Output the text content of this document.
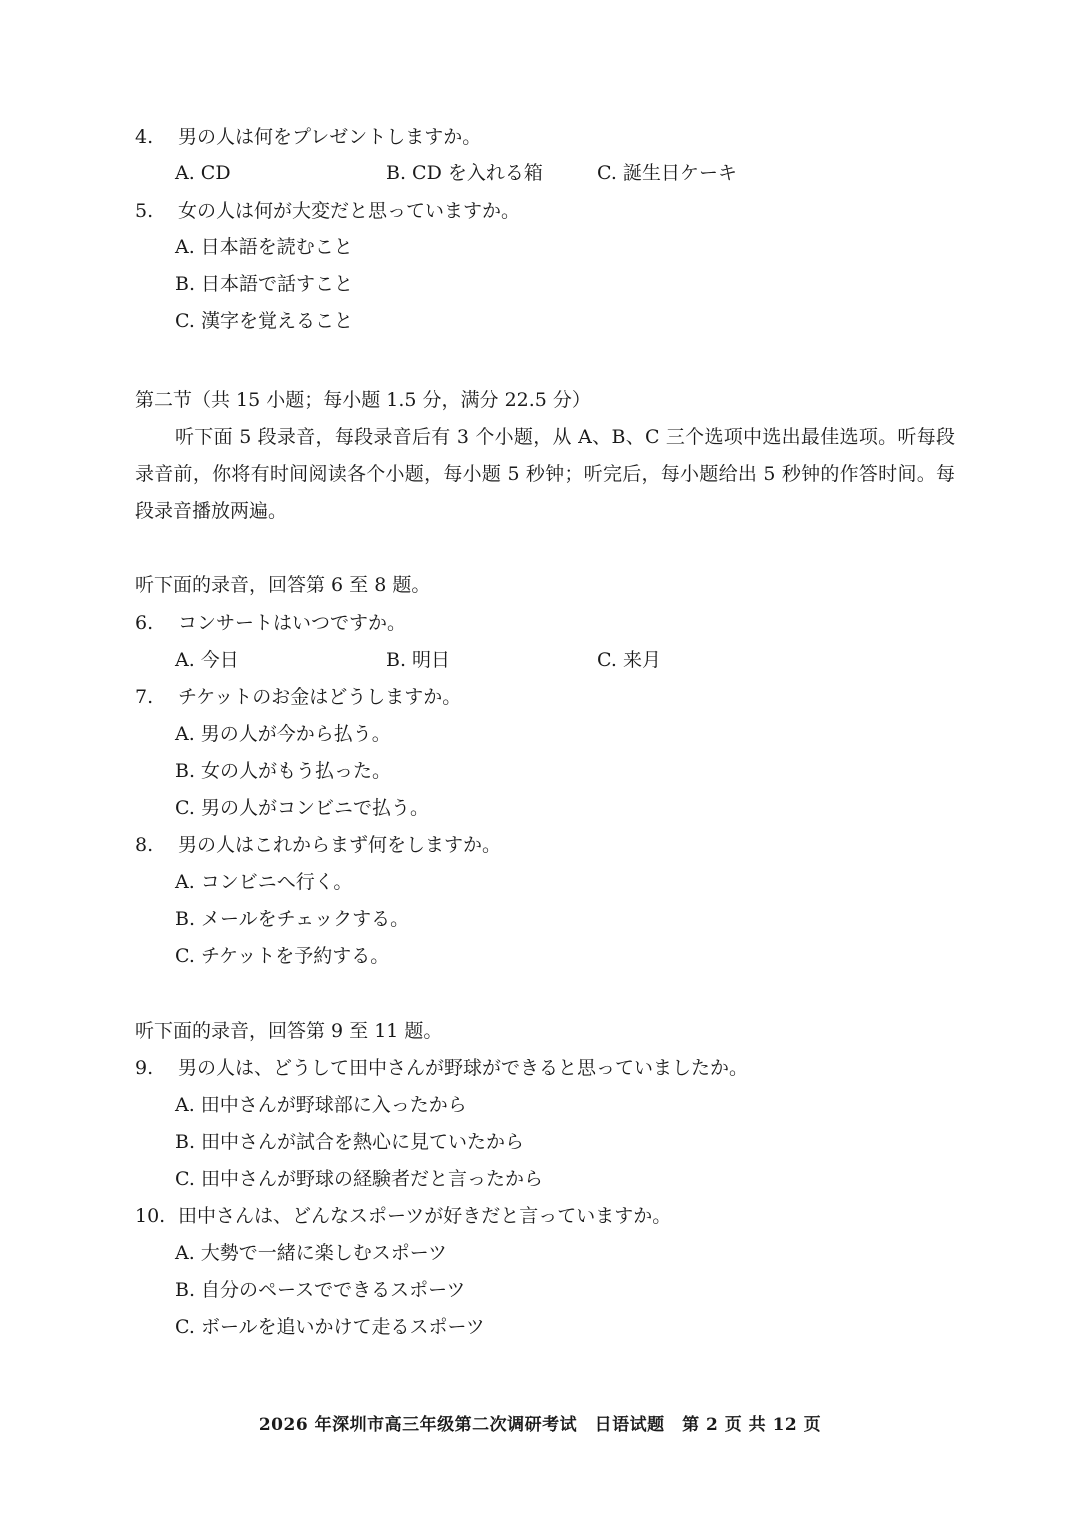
4. 男の人は何をプレゼントしますか。
A. CD	B. CD を入れる箱	C. 誕生日ケーキ
5. 女の人は何が大変だと思っていますか。
A. 日本語を読むこと
B. 日本語で話すこと
C. 漢字を覚えること
第二节（共 15 小题；每小题 1.5 分，满分 22.5 分）
听下面 5 段录音，每段录音后有 3 个小题，从 A、B、C 三个选项中选出最佳选项。听每段录音前，你将有时间阅读各个小题，每小题 5 秒钟；听完后，每小题给出 5 秒钟的作答时间。每段录音播放两遍。
听下面的录音，回答第 6 至 8 题。
6. コンサートはいつですか。
A. 今日	B. 明日	C. 来月
7. チケットのお金はどうしますか。
A. 男の人が今から払う。
B. 女の人がもう払った。
C. 男の人がコンビニで払う。
8. 男の人はこれからまず何をしますか。
A. コンビニへ行く。
B. メールをチェックする。
C. チケットを予約する。
听下面的录音，回答第 9 至 11 题。
9. 男の人は、どうして田中さんが野球ができると思っていましたか。
A. 田中さんが野球部に入ったから
B. 田中さんが試合を熱心に見ていたから
C. 田中さんが野球の経験者だと言ったから
10. 田中さんは、どんなスポーツが好きだと言っていますか。
A. 大勢で一緒に楽しむスポーツ
B. 自分のペースでできるスポーツ
C. ボールを追いかけて走るスポーツ
2026 年深圳市高三年级第二次调研考试　日语试题　第 2 页 共 12 页
